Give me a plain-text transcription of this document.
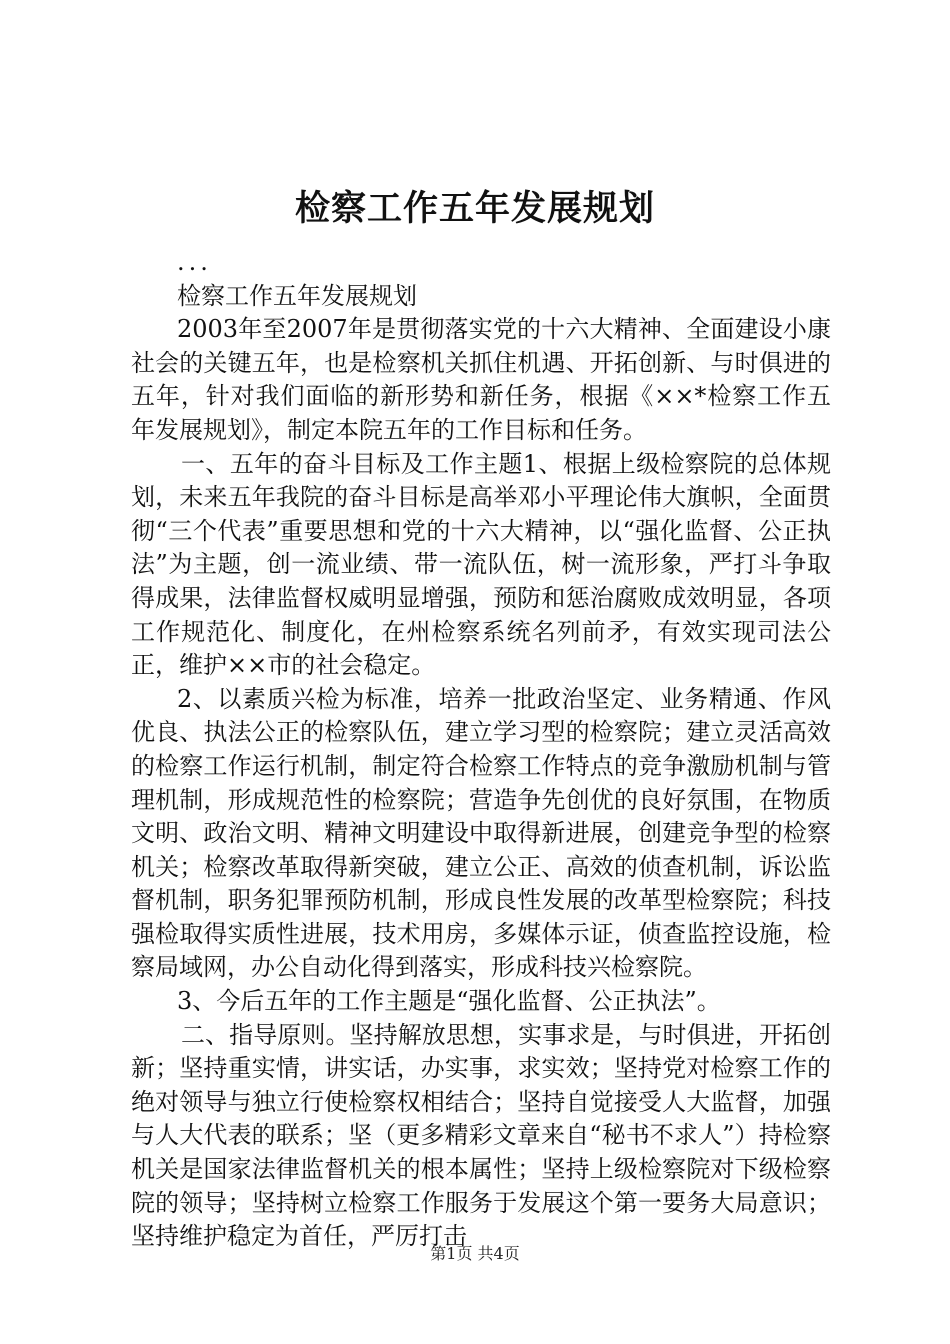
检察工作五年发展规划

...

检察工作五年发展规划

2003年至2007年是贯彻落实党的十六大精神、全面建设小康社会的关键五年，也是检察机关抓住机遇、开拓创新、与时俱进的五年，针对我们面临的新形势和新任务，根据《××*检察工作五年发展规划》，制定本院五年的工作目标和任务。

一、五年的奋斗目标及工作主题1、根据上级检察院的总体规划，未来五年我院的奋斗目标是高举邓小平理论伟大旗帜，全面贯彻“三个代表”重要思想和党的十六大精神，以“强化监督、公正执法”为主题，创一流业绩、带一流队伍，树一流形象，严打斗争取得成果，法律监督权威明显增强，预防和惩治腐败成效明显，各项工作规范化、制度化，在州检察系统名列前矛，有效实现司法公正，维护××市的社会稳定。

2、以素质兴检为标准，培养一批政治坚定、业务精通、作风优良、执法公正的检察队伍，建立学习型的检察院；建立灵活高效的检察工作运行机制，制定符合检察工作特点的竞争激励机制与管理机制，形成规范性的检察院；营造争先创优的良好氛围，在物质文明、政治文明、精神文明建设中取得新进展，创建竞争型的检察机关；检察改革取得新突破，建立公正、高效的侦查机制，诉讼监督机制，职务犯罪预防机制，形成良性发展的改革型检察院；科技强检取得实质性进展，技术用房，多媒体示证，侦查监控设施，检察局域网，办公自动化得到落实，形成科技兴检察院。

3、今后五年的工作主题是“强化监督、公正执法”。

二、指导原则。坚持解放思想，实事求是，与时俱进，开拓创新；坚持重实情，讲实话，办实事，求实效；坚持党对检察工作的绝对领导与独立行使检察权相结合；坚持自觉接受人大监督，加强与人大代表的联系；坚（更多精彩文章来自“秘书不求人”）持检察机关是国家法律监督机关的根本属性；坚持上级检察院对下级检察院的领导；坚持树立检察工作服务于发展这个第一要务大局意识；坚持维护稳定为首任，严厉打击

第1页 共4页
